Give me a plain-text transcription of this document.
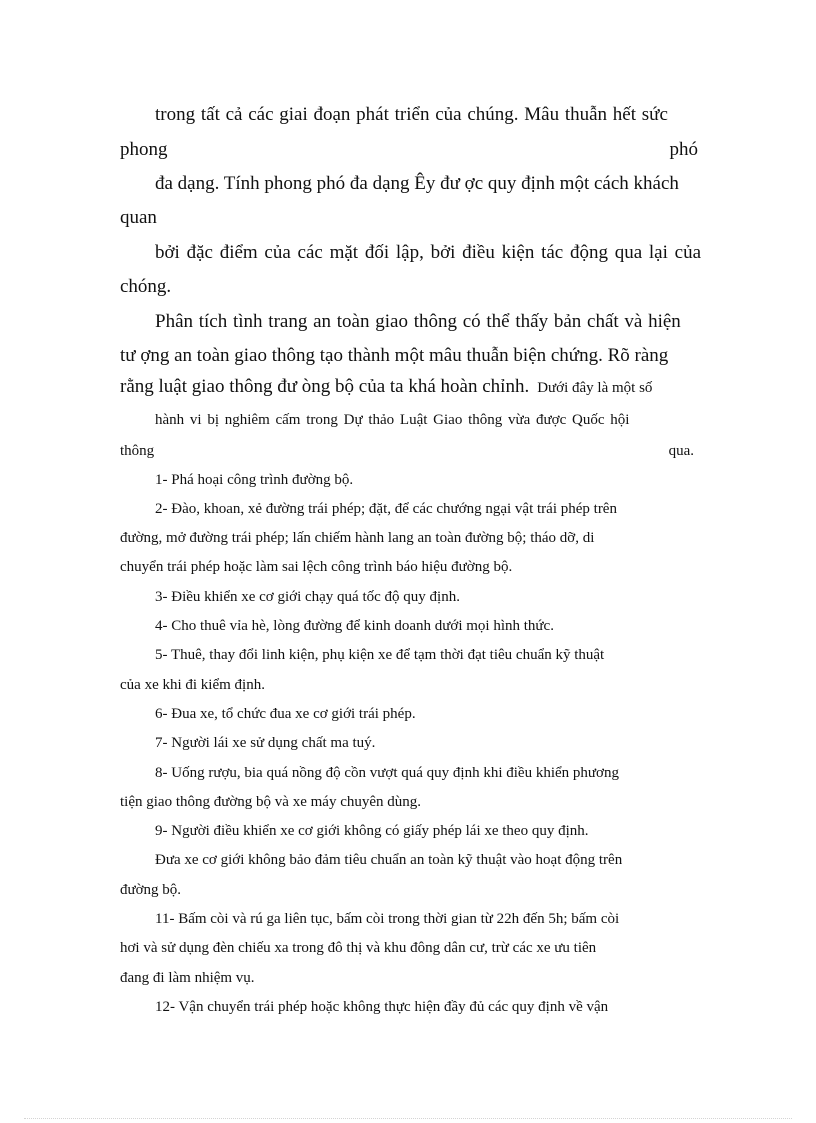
trong tất cả các giai đoạn phát triển của chúng. Mâu thuẫn hết sức
phong	phó
đa dạng. Tính phong phó đa dạng Êy đư ợc quy định một cách khách
quan
bởi đặc điểm của các mặt đối lập, bởi điều kiện tác động qua lại của
chóng.
Phân tích tình trang an toàn giao thông có thể thấy bản chất và hiện
tư ợng an toàn giao thông tạo thành một mâu thuẫn biện chứng. Rõ ràng
rằng luật giao thông đư òng bộ của ta khá hoàn chỉnh. Dưới đây là một số
hành vi bị nghiêm cấm trong Dự thảo Luật Giao thông vừa được Quốc hội
thông	qua.
1- Phá hoại công trình đường bộ.
2- Đào, khoan, xẻ đường trái phép; đặt, để các chướng ngại vật trái phép trên
đường, mở đường trái phép; lấn chiếm hành lang an toàn đường bộ; tháo dỡ, di
chuyển trái phép hoặc làm sai lệch công trình báo hiệu đường bộ.
3- Điều khiển xe cơ giới chạy quá tốc độ quy định.
4- Cho thuê vỉa hè, lòng đường để kinh doanh dưới mọi hình thức.
5- Thuê, thay đổi linh kiện, phụ kiện xe để tạm thời đạt tiêu chuẩn kỹ thuật
của xe khi đi kiểm định.
6- Đua xe, tổ chức đua xe cơ giới trái phép.
7- Người lái xe sử dụng chất ma tuý.
8- Uống rượu, bia quá nồng độ cồn vượt quá quy định khi điều khiển phương
tiện giao thông đường bộ và xe máy chuyên dùng.
9- Người điều khiển xe cơ giới không có giấy phép lái xe theo quy định.
Đưa xe cơ giới không bảo đảm tiêu chuẩn an toàn kỹ thuật vào hoạt động trên
đường bộ.
11- Bấm còi và rú ga liên tục, bấm còi trong thời gian từ 22h đến 5h; bấm còi
hơi và sử dụng đèn chiếu xa trong đô thị và khu đông dân cư, trừ các xe ưu tiên
đang đi làm nhiệm vụ.
12- Vận chuyển trái phép hoặc không thực hiện đầy đủ các quy định về vận
